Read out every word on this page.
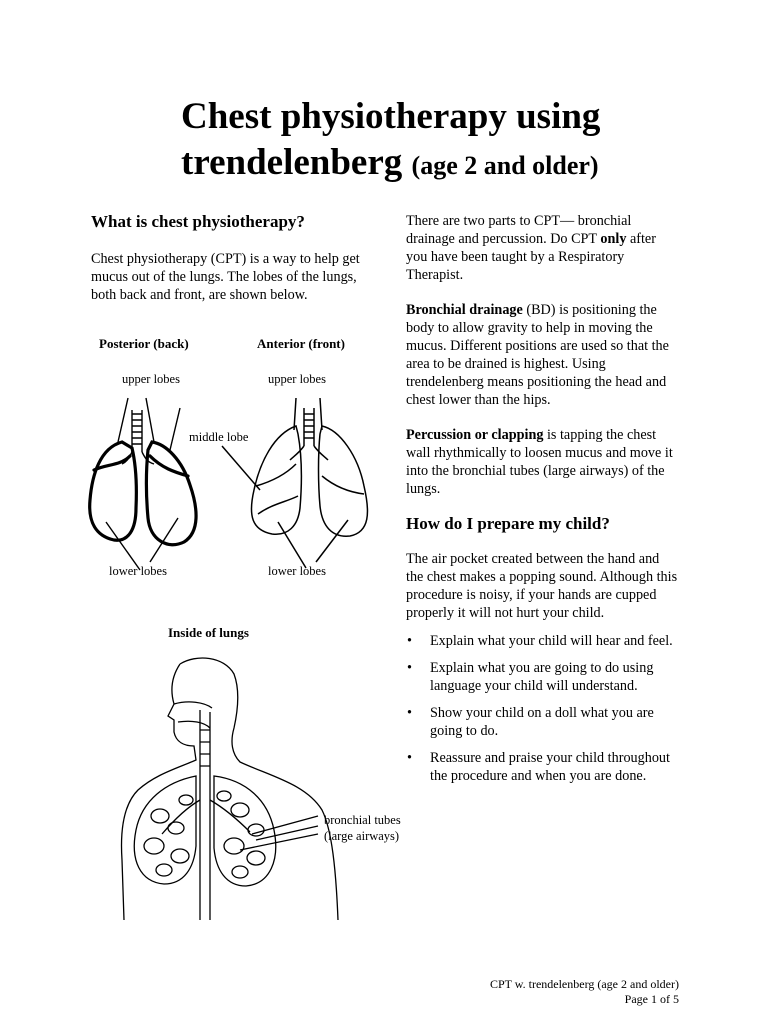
Chest physiotherapy using trendelenberg (age 2 and older)
What is chest physiotherapy?
Chest physiotherapy (CPT) is a way to help get mucus out of the lungs. The lobes of the lungs, both back and front, are shown below.
Posterior (back)	Anterior (front)
upper lobes	upper lobes
middle lobe
lower lobes	lower lobes
Inside of lungs
bronchial tubes
(large airways)

There are two parts to CPT— bronchial drainage and percussion. Do CPT only after you have been taught by a Respiratory Therapist.

Bronchial drainage (BD) is positioning the body to allow gravity to help in moving the mucus. Different positions are used so that the area to be drained is highest. Using trendelenberg means positioning the head and chest lower than the hips.

Percussion or clapping is tapping the chest wall rhythmically to loosen mucus and move it into the bronchial tubes (large airways) of the lungs.

How do I prepare my child?

The air pocket created between the hand and the chest makes a popping sound. Although this procedure is noisy, if your hands are cupped properly it will not hurt your child.

• Explain what your child will hear and feel.
• Explain what you are going to do using language your child will understand.
• Show your child on a doll what you are going to do.
• Reassure and praise your child throughout the procedure and when you are done.
CPT w. trendelenberg (age 2 and older)
Page 1 of 5
